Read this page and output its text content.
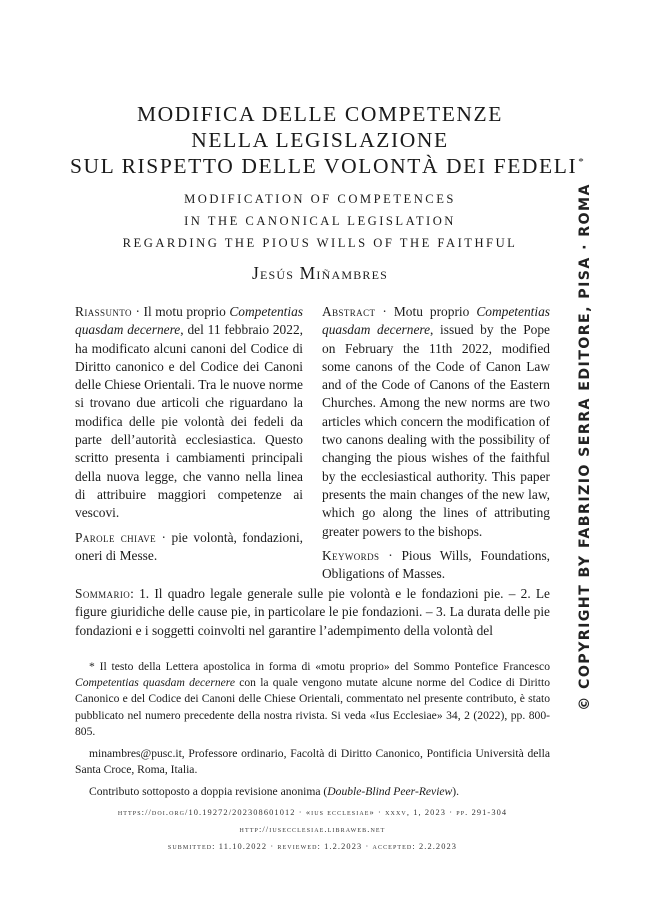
MODIFICA DELLE COMPETENZE
NELLA LEGISLAZIONE
SUL RISPETTO DELLE VOLONTÀ DEI FEDELI*
MODIFICATION OF COMPETENCES
IN THE CANONICAL LEGISLATION
REGARDING THE PIOUS WILLS OF THE FAITHFUL
Jesús Miñambres

Riassunto · Il motu proprio Competentias quasdam decernere, del 11 febbraio 2022, ha modificato alcuni canoni del Codice di Diritto canonico e del Codice dei Canoni delle Chiese Orientali. Tra le nuove norme si trovano due articoli che riguardano la modifica delle pie volontà dei fedeli da parte dell’autorità ecclesiastica. Questo scritto presenta i cambiamenti principali della nuova legge, che vanno nella linea di attribuire maggiori competenze ai vescovi.

Parole chiave · pie volontà, fondazioni, oneri di Messe.

Abstract · Motu proprio Competentias quasdam decernere, issued by the Pope on February the 11th 2022, modified some canons of the Code of Canon Law and of the Code of Canons of the Eastern Churches. Among the new norms are two articles which concern the modification of two canons dealing with the possibility of changing the pious wishes of the faithful by the ecclesiastical authority. This paper presents the main changes of the new law, which go along the lines of attributing greater powers to the bishops.

Keywords · Pious Wills, Foundations, Obligations of Masses.

Sommario: 1. Il quadro legale generale sulle pie volontà e le fondazioni pie. – 2. Le figure giuridiche delle cause pie, in particolare le pie fondazioni. – 3. La durata delle pie fondazioni e i soggetti coinvolti nel garantire l’adempimento della volontà del

* Il testo della Lettera apostolica in forma di «motu proprio» del Sommo Pontefice Francesco Competentias quasdam decernere con la quale vengono mutate alcune norme del Codice di Diritto Canonico e del Codice dei Canoni delle Chiese Orientali, commentato nel presente contributo, è stato pubblicato nel numero precedente della nostra rivista. Si veda «Ius Ecclesiae» 34, 2 (2022), pp. 800-805.

minambres@pusc.it, Professore ordinario, Facoltà di Diritto Canonico, Pontificia Università della Santa Croce, Roma, Italia.

Contributo sottoposto a doppia revisione anonima (Double-Blind Peer-Review).

https://doi.org/10.19272/202308601012 · «ius ecclesiae» · xxxv, 1, 2023 · pp. 291-304
http://iusecclesiae.libraweb.net
submitted: 11.10.2022 · reviewed: 1.2.2023 · accepted: 2.2.2023
© COPYRIGHT BY FABRIZIO SERRA EDITORE, PISA · ROMA
